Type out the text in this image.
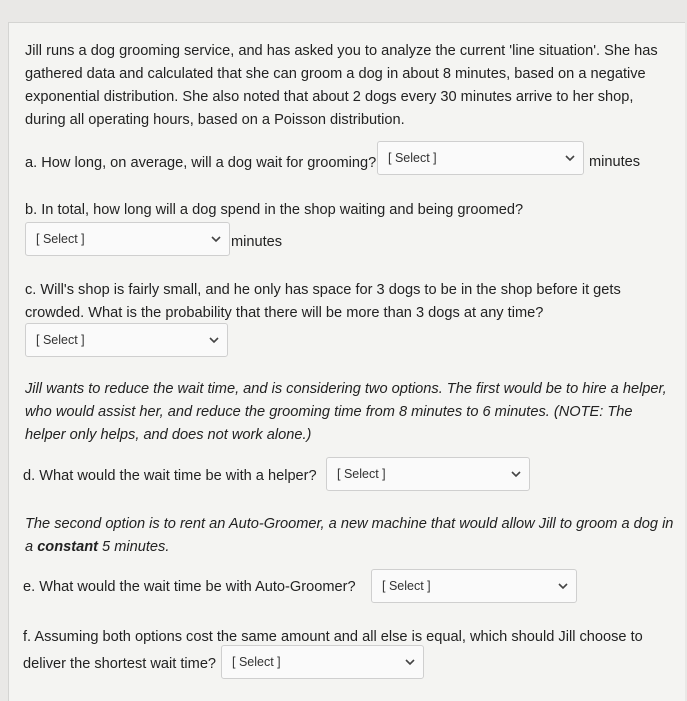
Jill runs a dog grooming service, and has asked you to analyze the current 'line situation'. She has gathered data and calculated that she can groom a dog in about 8 minutes, based on a negative exponential distribution. She also noted that about 2 dogs every 30 minutes arrive to her shop, during all operating hours, based on a Poisson distribution.

a. How long, on average, will a dog wait for grooming? [ Select ]	minutes
b. In total, how long will a dog spend in the shop waiting and being groomed?
[ Select ]	minutes

c. Will's shop is fairly small, and he only has space for 3 dogs to be in the shop before it gets crowded. What is the probability that there will be more than 3 dogs at any time?

[ Select ]

Jill wants to reduce the wait time, and is considering two options. The first would be to hire a helper, who would assist her, and reduce the grooming time from 8 minutes to 6 minutes. (NOTE: The helper only helps, and does not work alone.)

d. What would the wait time be with a helper? [ Select ]

The second option is to rent an Auto-Groomer, a new machine that would allow Jill to groom a dog in a constant 5 minutes.

e. What would the wait time be with Auto-Groomer? [ Select ]
f. Assuming both options cost the same amount and all else is equal, which should Jill choose to
deliver the shortest wait time? [ Select ]
